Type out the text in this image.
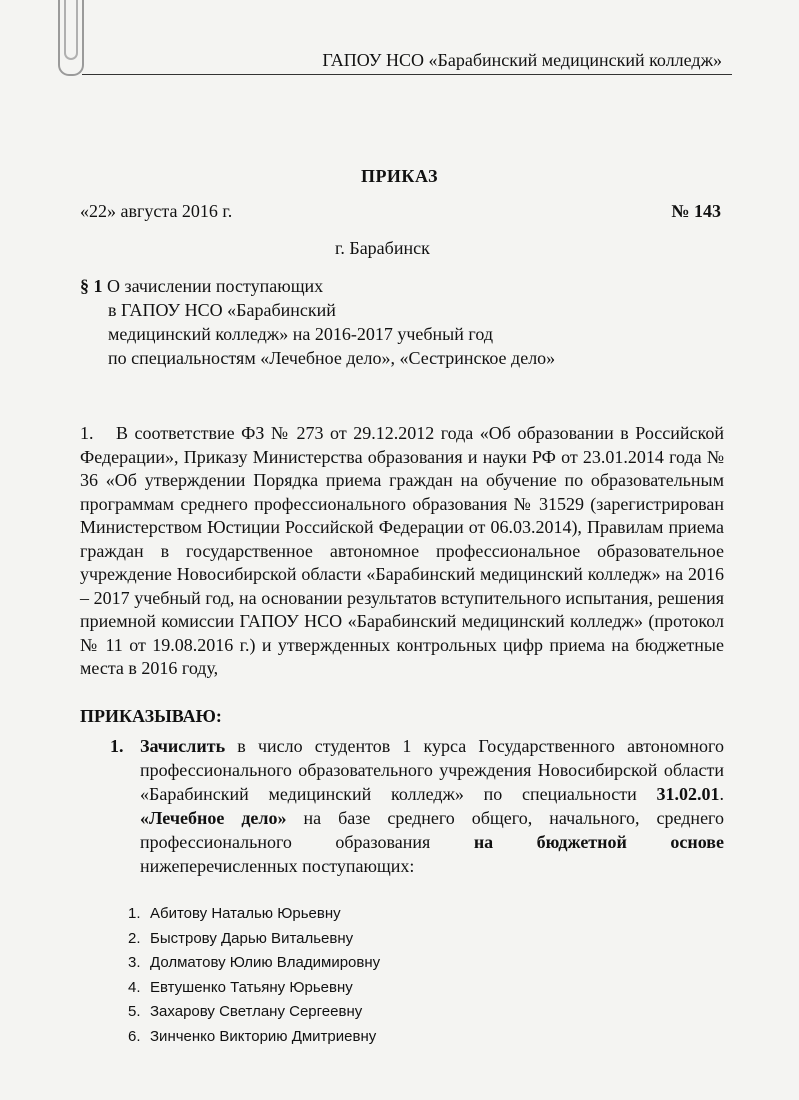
ГАПОУ НСО «Барабинский медицинский колледж»
ПРИКАЗ
«22» августа 2016 г.	№ 143
г. Барабинск
§ 1 О зачислении поступающих
в ГАПОУ НСО «Барабинский
медицинский колледж» на 2016-2017 учебный год
по специальностям «Лечебное дело», «Сестринское дело»
1. В соответствие ФЗ № 273 от 29.12.2012 года «Об образовании в Российской Федерации», Приказу Министерства образования и науки РФ от 23.01.2014 года № 36 «Об утверждении Порядка приема граждан на обучение по образовательным программам среднего профессионального образования № 31529 (зарегистрирован Министерством Юстиции Российской Федерации от 06.03.2014), Правилам приема граждан в государственное автономное профессиональное образовательное учреждение Новосибирской области «Барабинский медицинский колледж» на 2016 – 2017 учебный год, на основании результатов вступительного испытания, решения приемной комиссии ГАПОУ НСО «Барабинский медицинский колледж» (протокол № 11 от 19.08.2016 г.) и утвержденных контрольных цифр приема на бюджетные места в 2016 году,
ПРИКАЗЫВАЮ:
1. Зачислить в число студентов 1 курса Государственного автономного профессионального образовательного учреждения Новосибирской области «Барабинский медицинский колледж» по специальности 31.02.01. «Лечебное дело» на базе среднего общего, начального, среднего профессионального образования на бюджетной основе нижеперечисленных поступающих:
1. Абитову Наталью Юрьевну
2. Быстрову Дарью Витальевну
3. Долматову Юлию Владимировну
4. Евтушенко Татьяну Юрьевну
5. Захарову Светлану Сергеевну
6. Зинченко Викторию Дмитриевну
